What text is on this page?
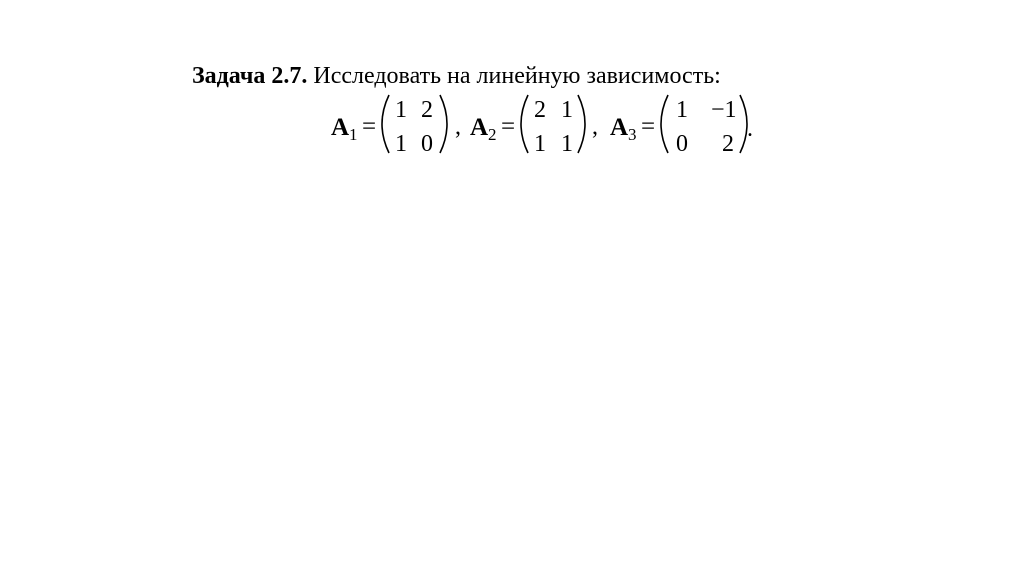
Задача 2.7. Исследовать на линейную зависимость:
A 1 =
1 2
1 0
, A 2 =
2 1
1 1
, A 3 =
1 −1
0 2
.
